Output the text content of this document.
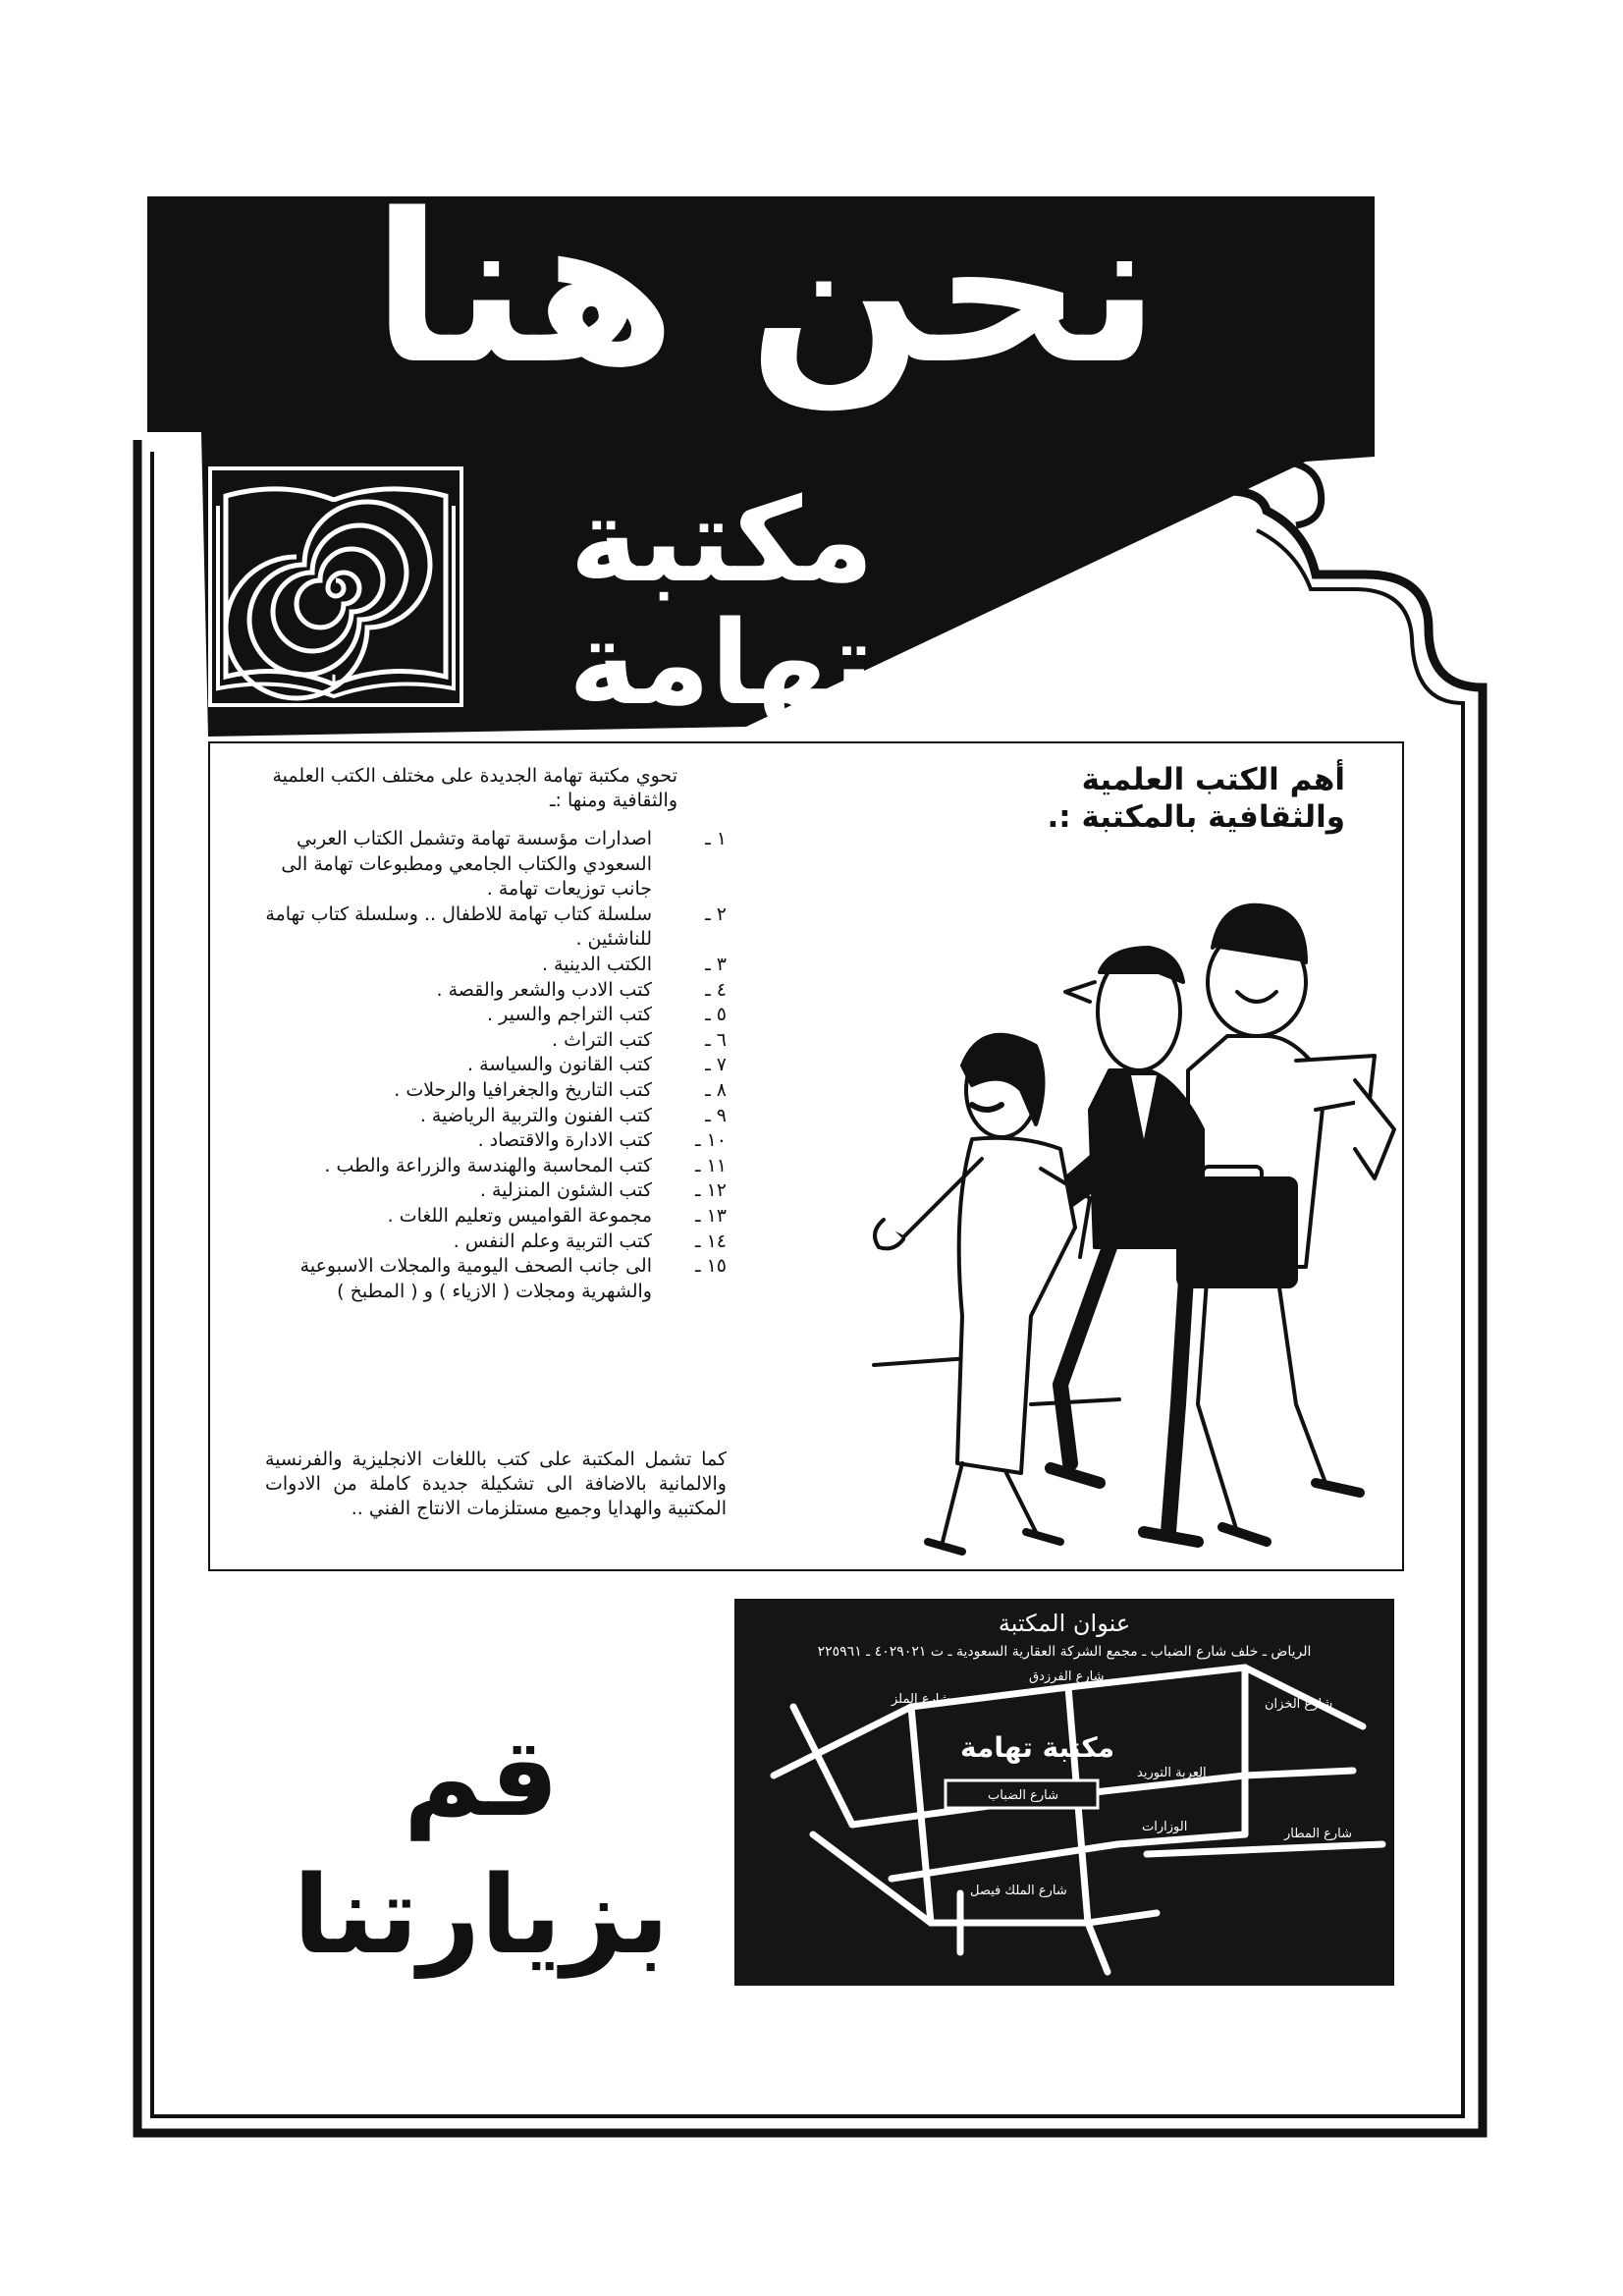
نحن هنا
مكتبة
تهامة
تحوي مكتبة تهامة الجديدة على مختلف الكتب العلمية والثقافية ومنها :ـ
١ ـ
اصدارات مؤسسة تهامة وتشمل الكتاب العربي السعودي والكتاب الجامعي ومطبوعات تهامة الى جانب توزيعات تهامة .
٢ ـ
سلسلة كتاب تهامة للاطفال .. وسلسلة كتاب تهامة للناشئين .
٣ ـ
الكتب الدينية .
٤ ـ
كتب الادب والشعر والقصة .
٥ ـ
كتب التراجم والسير .
٦ ـ
كتب التراث .
٧ ـ
كتب القانون والسياسة .
٨ ـ
كتب التاريخ والجغرافيا والرحلات .
٩ ـ
كتب الفنون والتربية الرياضية .
١٠ ـ
كتب الادارة والاقتصاد .
١١ ـ
كتب المحاسبة والهندسة والزراعة والطب .
١٢ ـ
كتب الشئون المنزلية .
١٣ ـ
مجموعة القواميس وتعليم اللغات .
١٤ ـ
كتب التربية وعلم النفس .
١٥ ـ
الى جانب الصحف اليومية والمجلات الاسبوعية والشهرية ومجلات ( الازياء ) و ( المطبخ )
كما تشمل المكتبة على كتب باللغات الانجليزية والفرنسية والالمانية بالاضافة الى تشكيلة جديدة كاملة من الادوات المكتبية والهدايا وجميع مستلزمات الانتاج الفني ..
أهم الكتب العلمية
والثقافية بالمكتبة :.
قم
بزيارتنا
عنوان المكتبة
الرياض ـ خلف شارع الضباب ـ مجمع الشركة العقارية السعودية ـ ت ٤٠٢٩٠٢١ ـ ٢٢٥٩٦١
مكتبة تهامة
شارع الضباب
العربة التوريد
الوزارات	شارع المطار
شارع الخزان
شارع الملز
شارع الفرزدق
شارع الملك فيصل
